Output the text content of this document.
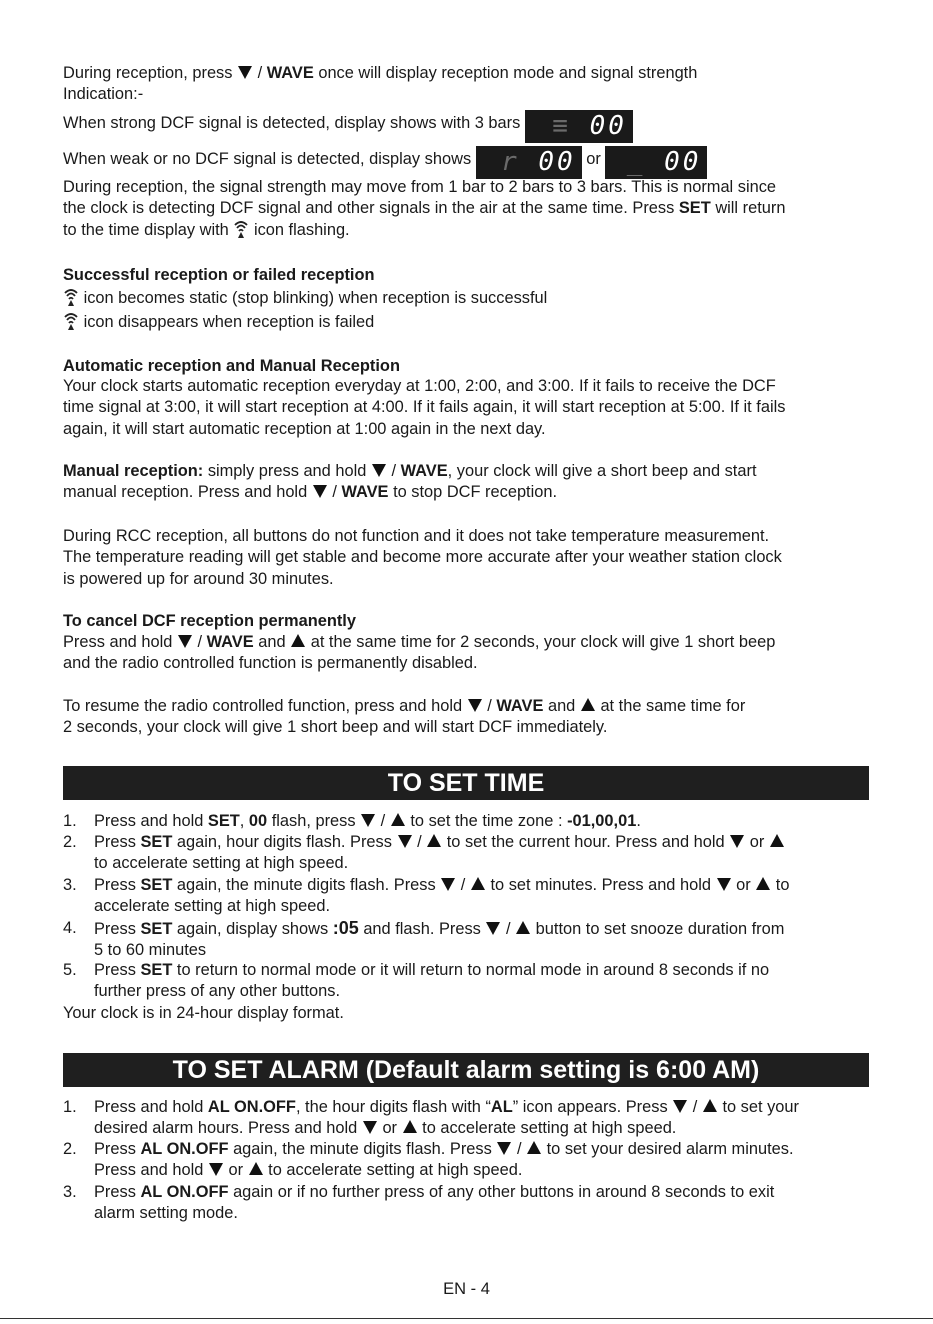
During reception, press / WAVE once will display reception mode and signal strength
Indication:-

When strong DCF signal is detected, display shows with 3 bars ≡ 00
When weak or no DCF signal is detected, display shows r 00 or _ 00

During reception, the signal strength may move from 1 bar to 2 bars to 3 bars. This is normal since
the clock is detecting DCF signal and other signals in the air at the same time. Press SET will return
to the time display with icon flashing.

Successful reception or failed reception
icon becomes static (stop blinking) when reception is successful
icon disappears when reception is failed
Automatic reception and Manual Reception

Your clock starts automatic reception everyday at 1:00, 2:00, and 3:00. If it fails to receive the DCF
time signal at 3:00, it will start reception at 4:00. If it fails again, it will start reception at 5:00. If it fails
again, it will start automatic reception at 1:00 again in the next day.

Manual reception: simply press and hold / WAVE, your clock will give a short beep and start
manual reception. Press and hold / WAVE to stop DCF reception.

During RCC reception, all buttons do not function and it does not take temperature measurement.
The temperature reading will get stable and become more accurate after your weather station clock
is powered up for around 30 minutes.

To cancel DCF reception permanently

Press and hold / WAVE and at the same time for 2 seconds, your clock will give 1 short beep
and the radio controlled function is permanently disabled.

To resume the radio controlled function, press and hold / WAVE and at the same time for
2 seconds, your clock will give 1 short beep and will start DCF immediately.

TO SET TIME
1. Press and hold SET, 00 flash, press / to set the time zone : -01,00,01.
2. Press SET again, hour digits flash. Press / to set the current hour. Press and hold or
to accelerate setting at high speed.
3. Press SET again, the minute digits flash. Press / to set minutes. Press and hold or to
accelerate setting at high speed.
4. Press SET again, display shows :05 and flash. Press / button to set snooze duration from
5 to 60 minutes
5. Press SET to return to normal mode or it will return to normal mode in around 8 seconds if no
further press of any other buttons.
Your clock is in 24-hour display format.
TO SET ALARM (Default alarm setting is 6:00 AM)
1. Press and hold AL ON.OFF, the hour digits flash with “AL” icon appears. Press / to set your
desired alarm hours. Press and hold or to accelerate setting at high speed.
2. Press AL ON.OFF again, the minute digits flash. Press / to set your desired alarm minutes.
Press and hold or to accelerate setting at high speed.
3. Press AL ON.OFF again or if no further press of any other buttons in around 8 seconds to exit
alarm setting mode.
EN - 4
